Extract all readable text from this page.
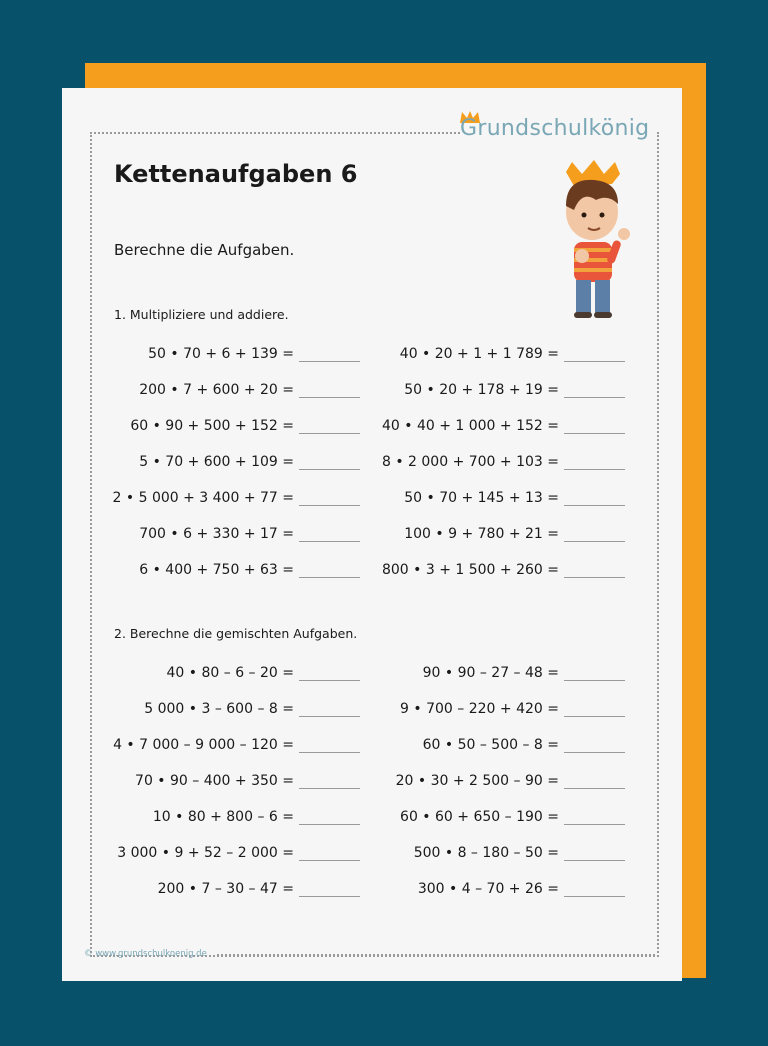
Grundschulkönig
Kettenaufgaben 6
Berechne die Aufgaben.
1. Multipliziere und addiere.
50 • 70 + 6 + 139 =	40 • 20 + 1 + 1 789 =
200 • 7 + 600 + 20 =	50 • 20 + 178 + 19 =
60 • 90 + 500 + 152 =	40 • 40 + 1 000 + 152 =
5 • 70 + 600 + 109 =	8 • 2 000 + 700 + 103 =
2 • 5 000 + 3 400 + 77 =	50 • 70 + 145 + 13 =
700 • 6 + 330 + 17 =	100 • 9 + 780 + 21 =
6 • 400 + 750 + 63 =	800 • 3 + 1 500 + 260 =
2. Berechne die gemischten Aufgaben.
40 • 80 – 6 – 20 =	90 • 90 – 27 – 48 =
5 000 • 3 – 600 – 8 =	9 • 700 – 220 + 420 =
4 • 7 000 – 9 000 – 120 =	60 • 50 – 500 – 8 =
70 • 90 – 400 + 350 =	20 • 30 + 2 500 – 90 =
10 • 80 + 800 – 6 =	60 • 60 + 650 – 190 =
3 000 • 9 + 52 – 2 000 =	500 • 8 – 180 – 50 =
200 • 7 – 30 – 47 =	300 • 4 – 70 + 26 =
© www.grundschulkoenig.de
